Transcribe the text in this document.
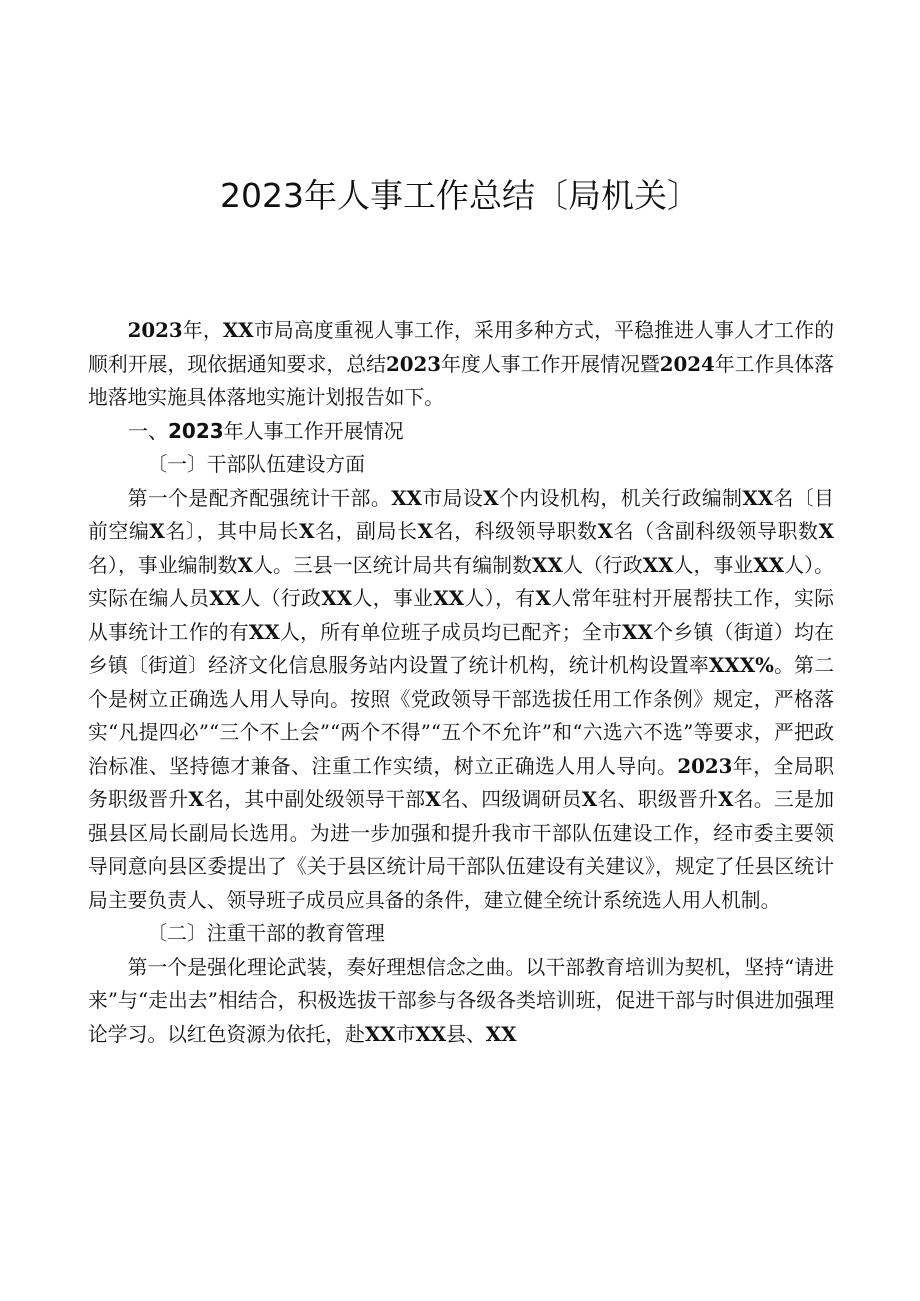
2023年人事工作总结〔局机关〕

2023年，XX市局高度重视人事工作，采用多种方式，平稳推进人事人才工作的顺利开展，现依据通知要求，总结2023年度人事工作开展情况暨2024年工作具体落地落地实施具体落地实施计划报告如下。

一、2023年人事工作开展情况

〔一〕干部队伍建设方面

第一个是配齐配强统计干部。XX市局设X个内设机构，机关行政编制XX名〔目前空编X名〕，其中局长X名，副局长X名，科级领导职数X名（含副科级领导职数X名），事业编制数X人。三县一区统计局共有编制数XX人（行政XX人，事业XX人）。实际在编人员XX人（行政XX人，事业XX人），有X人常年驻村开展帮扶工作，实际从事统计工作的有XX人，所有单位班子成员均已配齐；全市XX个乡镇（街道）均在乡镇〔街道〕经济文化信息服务站内设置了统计机构，统计机构设置率XXX%。第二个是树立正确选人用人导向。按照《党政领导干部选拔任用工作条例》规定，严格落实“凡提四必”“三个不上会”“两个不得”“五个不允许”和“六选六不选”等要求，严把政治标准、坚持德才兼备、注重工作实绩，树立正确选人用人导向。2023年，全局职务职级晋升X名，其中副处级领导干部X名、四级调研员X名、职级晋升X名。三是加强县区局长副局长选用。为进一步加强和提升我市干部队伍建设工作，经市委主要领导同意向县区委提出了《关于县区统计局干部队伍建设有关建议》，规定了任县区统计局主要负责人、领导班子成员应具备的条件，建立健全统计系统选人用人机制。

〔二〕注重干部的教育管理

第一个是强化理论武装，奏好理想信念之曲。以干部教育培训为契机，坚持“请进来”与“走出去”相结合，积极选拔干部参与各级各类培训班，促进干部与时俱进加强理论学习。以红色资源为依托，赴XX市XX县、XX
